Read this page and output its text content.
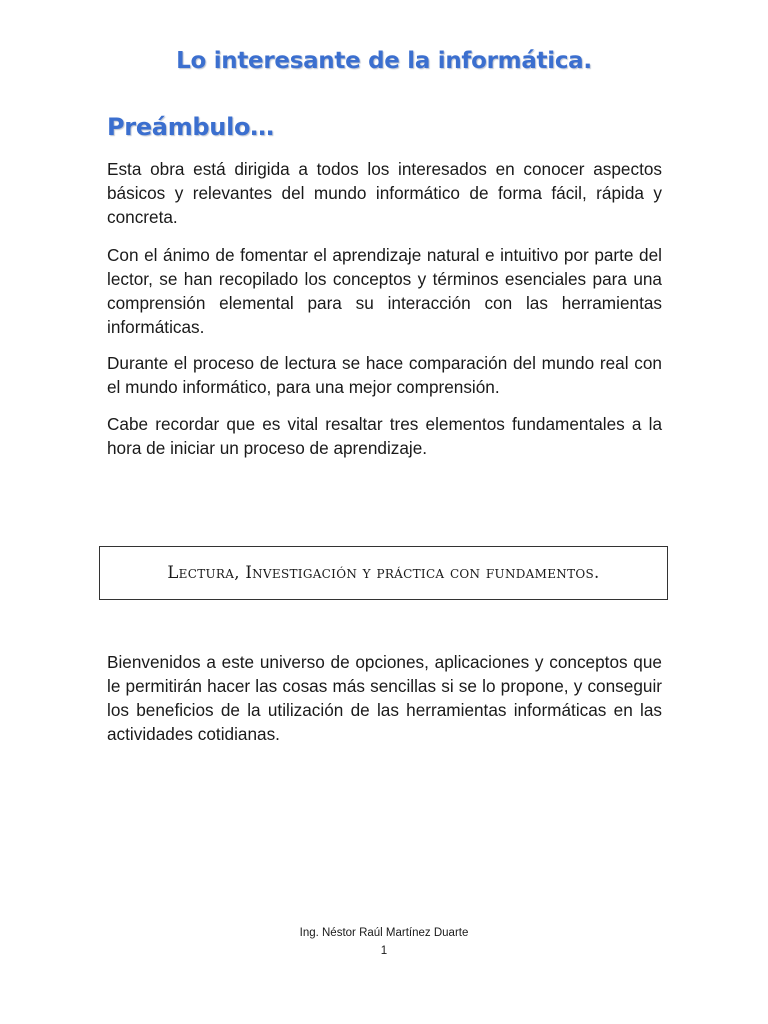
Lo interesante de la informática.
Preámbulo…

Esta obra está dirigida a todos los interesados en conocer aspectos básicos y relevantes del mundo informático de forma fácil, rápida y concreta.

Con el ánimo de fomentar el aprendizaje natural e intuitivo por parte del lector, se han recopilado los conceptos y términos esenciales para una comprensión elemental para su interacción con las herramientas informáticas.

Durante el proceso de lectura se hace comparación del mundo real con el mundo informático, para una mejor comprensión.

Cabe recordar que es vital resaltar tres elementos fundamentales a la hora de iniciar un proceso de aprendizaje.

Lectura, Investigación y práctica con fundamentos.

Bienvenidos a este universo de opciones, aplicaciones y conceptos que le permitirán hacer las cosas más sencillas si se lo propone, y conseguir los beneficios de la utilización de las herramientas informáticas en las actividades cotidianas.

Ing. Néstor Raúl Martínez Duarte
1
